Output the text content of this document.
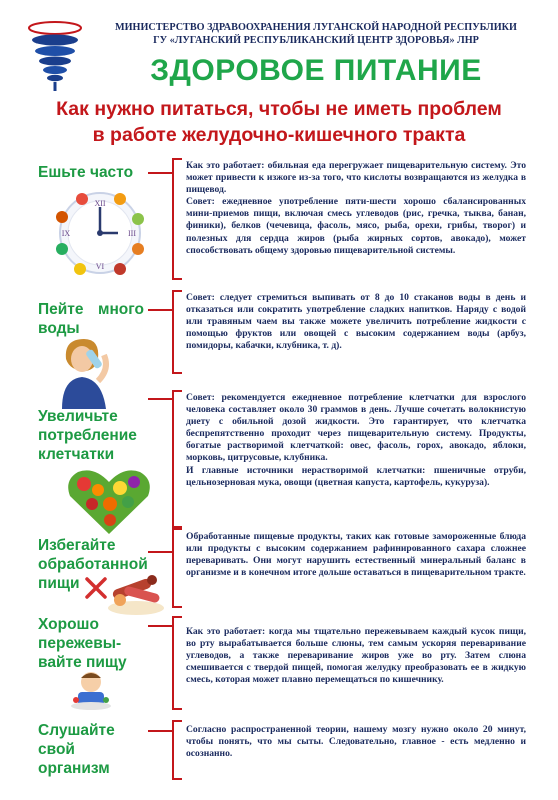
МИНИСТЕРСТВО ЗДРАВООХРАНЕНИЯ ЛУГАНСКОЙ НАРОДНОЙ РЕСПУБЛИКИ
ГУ «ЛУГАНСКИЙ РЕСПУБЛИКАНСКИЙ ЦЕНТР ЗДОРОВЬЯ» ЛНР
ЗДОРОВОЕ ПИТАНИЕ
Как нужно питаться, чтобы не иметь проблем
в работе желудочно-кишечного тракта
Ешьте часто	Как это работает: обильная еда перегружает пищеварительную систему. Это может привести к изжоге из-за того, что кислоты возвращаются из желудка в пищевод.

Совет: ежедневное употребление пяти-шести хорошо сбалансированных мини-приемов пищи, включая смесь углеводов (рис, гречка, тыква, банан, финики), белков (чечевица, фасоль, мясо, рыба, орехи, грибы, творог) и полезных для сердца жиров (рыба жирных сортов, авокадо), может способствовать общему здоровью пищеварительной системы.

XII
III
VI
IX
Пейте много воды

Совет: следует стремиться выпивать от 8 до 10 стаканов воды в день и отказаться или сократить употребление сладких напитков. Наряду с водой или травяным чаем вы также можете увеличить потребление жидкости с помощью фруктов или овощей с высоким содержанием воды (арбуз, помидоры, кабачки, клубника, т. д).

Увеличьте потребление клетчатки

Совет: рекомендуется ежедневное потребление клетчатки для взрослого человека составляет около 30 граммов в день. Лучше сочетать волокнистую диету с обильной дозой жидкости. Это гарантирует, что клетчатка беспрепятственно проходит через пищеварительную систему. Продукты, богатые растворимой клетчаткой: овес, фасоль, горох, авокадо, яблоки, морковь, цитрусовые, клубника.

И главные источники нерастворимой клетчатки: пшеничные отруби, цельнозерновая мука, овощи (цветная капуста, картофель, кукуруза).

Избегайте обработанной пищи

Обработанные пищевые продукты, таких как готовые замороженные блюда или продукты с высоким содержанием рафинированного сахара сложнее переваривать. Они могут нарушить естественный минеральный баланс в организме и в конечном итоге дольше оставаться в пищеварительном тракте.

Хорошо пережевы-вайте пищу

Как это работает: когда мы тщательно пережевываем каждый кусок пищи, во рту вырабатывается больше слюны, тем самым ускоряя переваривание углеводов, а также переваривание жиров уже во рту. Затем слюна смешивается с твердой пищей, помогая желудку преобразовать ее в жидкую смесь, которая может плавно перемещаться по кишечнику.

Слушайте свой организм

Согласно распространенной теории, нашему мозгу нужно около 20 минут, чтобы понять, что мы сыты. Следовательно, главное - есть медленно и осознанно.
